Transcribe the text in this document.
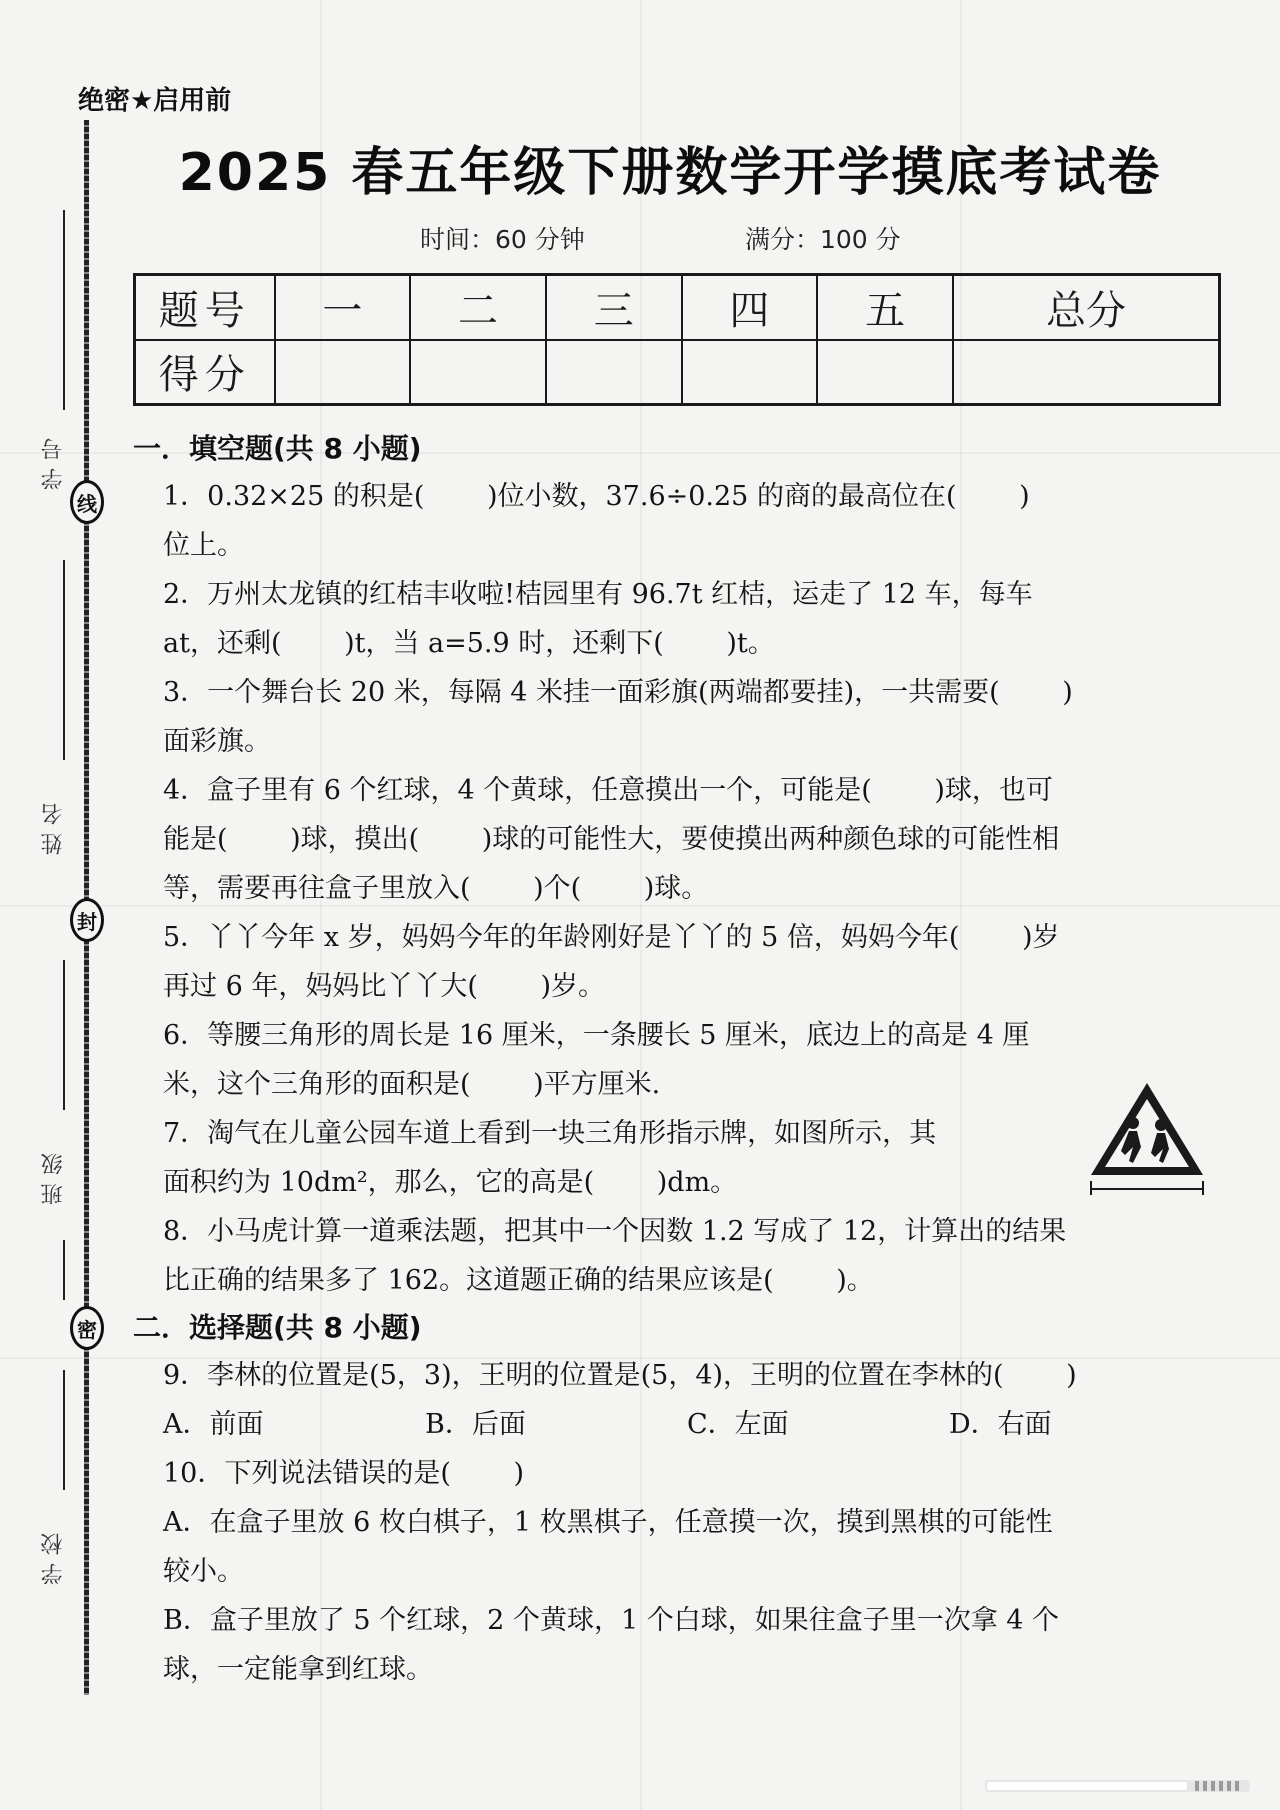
学号
线
姓名
封
班级
密
学校
绝密★启用前
2025 春五年级下册数学开学摸底考试卷
时间：60 分钟	满分：100 分
题号	一	二	三	四	五	总分
得分						
一．填空题(共 8 小题)
1．0.32×25 的积是(　　 )位小数，37.6÷0.25 的商的最高位在(　　 )
位上。
2．万州太龙镇的红桔丰收啦!桔园里有 96.7t 红桔，运走了 12 车，每车
at，还剩(　　 )t，当 a=5.9 时，还剩下(　　 )t。
3．一个舞台长 20 米，每隔 4 米挂一面彩旗(两端都要挂)，一共需要(　　 )
面彩旗。
4．盒子里有 6 个红球，4 个黄球，任意摸出一个，可能是(　　 )球，也可
能是(　　 )球，摸出(　　 )球的可能性大，要使摸出两种颜色球的可能性相
等，需要再往盒子里放入(　　 )个(　　 )球。
5．丫丫今年 x 岁，妈妈今年的年龄刚好是丫丫的 5 倍，妈妈今年(　　 )岁
再过 6 年，妈妈比丫丫大(　　 )岁。
6．等腰三角形的周长是 16 厘米，一条腰长 5 厘米，底边上的高是 4 厘
米，这个三角形的面积是(　　 )平方厘米.
7．淘气在儿童公园车道上看到一块三角形指示牌，如图所示，其
面积约为 10dm²，那么，它的高是(　　 )dm。
8．小马虎计算一道乘法题，把其中一个因数 1.2 写成了 12，计算出的结果
比正确的结果多了 162。这道题正确的结果应该是(　　 )。
二．选择题(共 8 小题)
9．李林的位置是(5，3)，王明的位置是(5，4)，王明的位置在李林的(　　 )
A．前面	B．后面	C．左面	D．右面
10．下列说法错误的是(　　 )
A．在盒子里放 6 枚白棋子，1 枚黑棋子，任意摸一次，摸到黑棋的可能性
较小。
B．盒子里放了 5 个红球，2 个黄球，1 个白球，如果往盒子里一次拿 4 个
球，一定能拿到红球。
